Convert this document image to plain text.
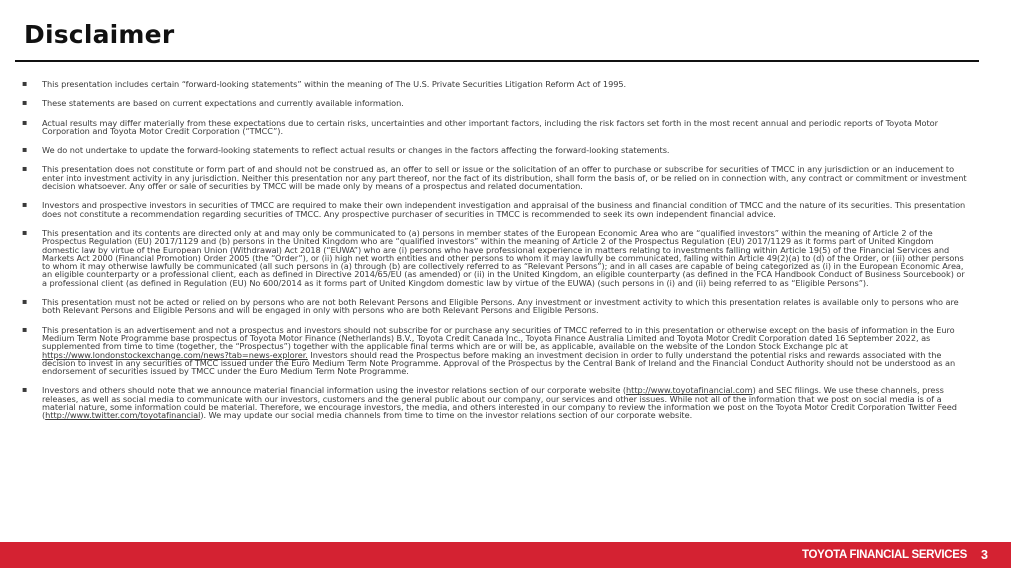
Disclaimer
▪ This presentation includes certain “forward-looking statements” within the meaning of The U.S. Private Securities Litigation Reform Act of 1995.
▪ These statements are based on current expectations and currently available information.
▪ Actual results may differ materially from these expectations due to certain risks, uncertainties and other important factors, including the risk factors set forth in the most recent annual and periodic reports of Toyota Motor Corporation and Toyota Motor Credit Corporation (“TMCC”).
▪ We do not undertake to update the forward-looking statements to reflect actual results or changes in the factors affecting the forward-looking statements.
▪ This presentation does not constitute or form part of and should not be construed as, an offer to sell or issue or the solicitation of an offer to purchase or subscribe for securities of TMCC in any jurisdiction or an inducement to enter into investment activity in any jurisdiction. Neither this presentation nor any part thereof, nor the fact of its distribution, shall form the basis of, or be relied on in connection with, any contract or commitment or investment decision whatsoever. Any offer or sale of securities by TMCC will be made only by means of a prospectus and related documentation.
▪ Investors and prospective investors in securities of TMCC are required to make their own independent investigation and appraisal of the business and financial condition of TMCC and the nature of its securities. This presentation does not constitute a recommendation regarding securities of TMCC. Any prospective purchaser of securities in TMCC is recommended to seek its own independent financial advice.
▪ This presentation and its contents are directed only at and may only be communicated to (a) persons in member states of the European Economic Area who are “qualified investors” within the meaning of Article 2 of the Prospectus Regulation (EU) 2017/1129 and (b) persons in the United Kingdom who are “qualified investors” within the meaning of Article 2 of the Prospectus Regulation (EU) 2017/1129 as it forms part of United Kingdom domestic law by virtue of the European Union (Withdrawal) Act 2018 (“EUWA”) who are (i) persons who have professional experience in matters relating to investments falling within Article 19(5) of the Financial Services and Markets Act 2000 (Financial Promotion) Order 2005 (the “Order”), or (ii) high net worth entities and other persons to whom it may lawfully be communicated, falling within Article 49(2)(a) to (d) of the Order, or (iii) other persons to whom it may otherwise lawfully be communicated (all such persons in (a) through (b) are collectively referred to as “Relevant Persons”); and in all cases are capable of being categorized as (i) in the European Economic Area, an eligible counterparty or a professional client, each as defined in Directive 2014/65/EU (as amended) or (ii) in the United Kingdom, an eligible counterparty (as defined in the FCA Handbook Conduct of Business Sourcebook) or a professional client (as defined in Regulation (EU) No 600/2014 as it forms part of United Kingdom domestic law by virtue of the EUWA) (such persons in (i) and (ii) being referred to as “Eligible Persons”).
▪ This presentation must not be acted or relied on by persons who are not both Relevant Persons and Eligible Persons. Any investment or investment activity to which this presentation relates is available only to persons who are both Relevant Persons and Eligible Persons and will be engaged in only with persons who are both Relevant Persons and Eligible Persons.
▪ This presentation is an advertisement and not a prospectus and investors should not subscribe for or purchase any securities of TMCC referred to in this presentation or otherwise except on the basis of information in the Euro Medium Term Note Programme base prospectus of Toyota Motor Finance (Netherlands) B.V., Toyota Credit Canada Inc., Toyota Finance Australia Limited and Toyota Motor Credit Corporation dated 16 September 2022, as supplemented from time to time (together, the “Prospectus”) together with the applicable final terms which are or will be, as applicable, available on the website of the London Stock Exchange plc at https://www.londonstockexchange.com/news?tab=news-explorer. Investors should read the Prospectus before making an investment decision in order to fully understand the potential risks and rewards associated with the decision to invest in any securities of TMCC issued under the Euro Medium Term Note Programme. Approval of the Prospectus by the Central Bank of Ireland and the Financial Conduct Authority should not be understood as an endorsement of securities issued by TMCC under the Euro Medium Term Note Programme.
▪ Investors and others should note that we announce material financial information using the investor relations section of our corporate website (http://www.toyotafinancial.com) and SEC filings. We use these channels, press releases, as well as social media to communicate with our investors, customers and the general public about our company, our services and other issues. While not all of the information that we post on social media is of a material nature, some information could be material. Therefore, we encourage investors, the media, and others interested in our company to review the information we post on the Toyota Motor Credit Corporation Twitter Feed (http://www.twitter.com/toyotafinancial). We may update our social media channels from time to time on the investor relations section of our corporate website.
TOYOTA FINANCIAL SERVICES 3
